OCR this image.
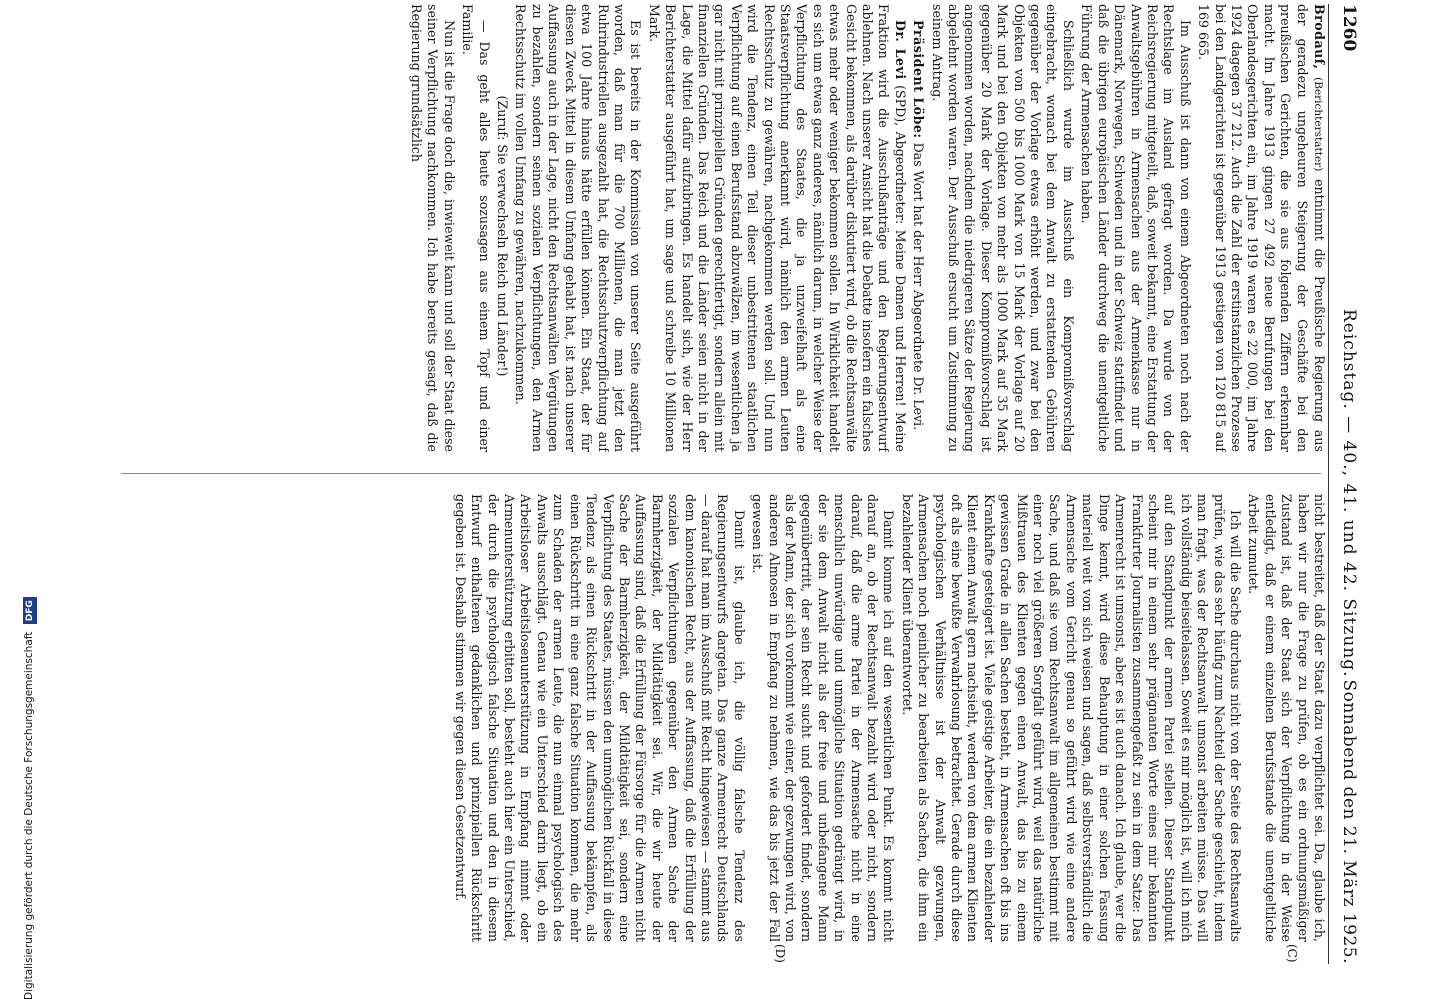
1260
Reichstag. — 40., 41. und 42. Sitzung.
Sonnabend den 21. März 1925.
(C)
(D)

Brodauf, (Berichterstatter) entnimmt die Preußische Regierung aus der geradezu ungeheuren Steigerung der Geschäfte bei den preußischen Gerichten, die sie aus folgenden Ziffern erkennbar macht. Im Jahre 1913 gingen 27 492 neue Berufungen bei den Oberlandesgerichten ein, im Jahre 1919 waren es 22 000, im Jahre 1924 dagegen 37 212. Auch die Zahl der erstinstanzlichen Prozesse bei den Landgerichten ist gegenüber 1913 gestiegen von 120 815 auf 169 665.

Im Ausschuß ist dann von einem Abgeordneten noch nach der Rechtslage im Ausland gefragt worden. Da wurde von der Reichsregierung mitgeteilt, daß, soweit bekannt, eine Erstattung der Anwaltsgebühren in Armensachen aus der Armenkasse nur in Dänemark, Norwegen, Schweden und in der Schweiz stattfindet und daß die übrigen europäischen Länder durchweg die unentgeltliche Führung der Armensachen haben.

Schließlich wurde im Ausschuß ein Kompromißvorschlag eingebracht, wonach bei dem Anwalt zu erstattenden Gebühren gegenüber der Vorlage etwas erhöht werden, und zwar bei den Objekten von 500 bis 1000 Mark von 15 Mark der Vorlage auf 20 Mark und bei den Objekten von mehr als 1000 Mark auf 35 Mark gegenüber 20 Mark der Vorlage. Dieser Kompromißvorschlag ist angenommen worden, nachdem die niedrigeren Sätze der Regierung abgelehnt worden waren. Der Ausschuß ersucht um Zustimmung zu seinem Antrag.

Präsident Löbe: Das Wort hat der Herr Abgeordnete Dr. Levi.

Dr. Levi (SPD), Abgeordneter: Meine Damen und Herren! Meine Fraktion wird die Ausschußanträge und den Regierungsentwurf ablehnen. Nach unserer Ansicht hat die Debatte insofern ein falsches Gesicht bekommen, als darüber diskutiert wird, ob die Rechtsanwälte etwas mehr oder weniger bekommen sollen. In Wirklichkeit handelt es sich um etwas ganz anderes, nämlich darum, in welcher Weise der Verpflichtung des Staates, die ja unzweifelhaft als eine Staatsverpflichtung anerkannt wird, nämlich den armen Leuten Rechtsschutz zu gewähren, nachgekommen werden soll. Und nun wird die Tendenz, einen Teil dieser unbestrittenen staatlichen Verpflichtung auf einen Berufsstand abzuwälzen, im wesentlichen ja gar nicht mit prinzipiellen Gründen gerechtfertigt, sondern allein mit finanziellen Gründen. Das Reich und die Länder seien nicht in der Lage, die Mittel dafür aufzubringen. Es handelt sich, wie der Herr Berichterstatter ausgeführt hat, um sage und schreibe 10 Millionen Mark.

Es ist bereits in der Kommission von unserer Seite ausgeführt worden, daß man für die 700 Millionen, die man jetzt den Ruhrindustriellen ausgezahlt hat, die Rechtsschutzverpflichtung auf etwa 100 Jahre hinaus hätte erfüllen können. Ein Staat, der für diesen Zweck Mittel in diesem Umfang gehabt hat, ist nach unserer Auffassung auch in der Lage, nicht den Rechtsanwälten Vergütungen zu bezahlen, sondern seinen sozialen Verpflichtungen, den Armen Rechtsschutz im vollen Umfang zu gewähren, nachzukommen.

(Zuruf: Sie verwechseln Reich und Länder!)

— Das geht alles heute sozusagen aus einem Topf und einer Familie.

Nun ist die Frage doch die, inwieweit kann und soll der Staat diese seiner Verpflichtung nachkommen. Ich habe bereits gesagt, daß die Regierung grundsätzlich

nicht bestreitet, daß der Staat dazu verpflichtet sei. Da, glaube ich, haben wir nur die Frage zu prüfen, ob es ein ordnungsmäßiger Zustand ist, daß der Staat sich der Verpflichtung in der Weise entledigt, daß er einem einzelnen Berufsstande die unentgeltliche Arbeit zumutet.

Ich will die Sache durchaus nicht von der Seite des Rechtsanwalts prüfen, wie das sehr häufig zum Nachteil der Sache geschieht, indem man fragt, was der Rechtsanwalt umsonst arbeiten müsse. Das will ich vollständig beiseitelassen. Soweit es mir möglich ist, will ich mich auf den Standpunkt der armen Partei stellen. Dieser Standpunkt scheint mir in einem sehr prägnanten Worte eines mir bekannten Frankfurter Journalisten zusammengefaßt zu sein in dem Satze: Das Armenrecht ist umsonst, aber es ist auch danach. Ich glaube, wer die Dinge kennt, wird diese Behauptung in einer solchen Fassung materiell weit von sich weisen und sagen, daß selbstverständlich die Armensache vom Gericht genau so geführt wird wie eine andere Sache, und daß sie vom Rechtsanwalt im allgemeinen bestimmt mit einer noch viel größeren Sorgfalt geführt wird, weil das natürliche Mißtrauen des Klienten gegen einen Anwalt, das bis zu einem gewissen Grade in allen Sachen besteht, in Armensachen oft bis ins Krankhafte gesteigert ist. Viele geistige Arbeiter, die ein bezahlender Klient einem Anwalt gern nachsieht, werden von dem armen Klienten oft als eine bewußte Verwahrlosung betrachtet. Gerade durch diese psychologischen Verhältnisse ist der Anwalt gezwungen, Armensachen noch peinlicher zu bearbeiten als Sachen, die ihm ein bezahlender Klient überantwortet.

Damit komme ich auf den wesentlichen Punkt. Es kommt nicht darauf an, ob der Rechtsanwalt bezahlt wird oder nicht, sondern darauf, daß die arme Partei in der Armensache nicht in eine menschlich unwürdige und unmögliche Situation gedrängt wird, in der sie dem Anwalt nicht als der freie und unbefangene Mann gegenübertritt, der sein Recht sucht und gefordert findet, sondern als der Mann, der sich vorkommt wie einer, der gezwungen wird, von anderen Almosen in Empfang zu nehmen, wie das bis jetzt der Fall gewesen ist.

Damit ist, glaube ich, die völlig falsche Tendenz des Regierungsentwurfs dargetan. Das ganze Armenrecht Deutschlands — darauf hat man im Ausschuß mit Recht hingewiesen — stammt aus dem kanonischen Recht, aus der Auffassung, daß die Erfüllung der sozialen Verpflichtungen gegenüber den Armen Sache der Barmherzigkeit, der Mildtätigkeit sei. Wir, die wir heute der Auffassung sind, daß die Erfüllung der Fürsorge für die Armen nicht Sache der Barmherzigkeit, der Mildtätigkeit sei, sondern eine Verpflichtung des Staates, müssen den unmöglichen Rückfall in diese Tendenz als einen Rückschritt in der Auffassung bekämpfen, als einen Rückschritt in eine ganz falsche Situation kommen, die mehr zum Schaden der armen Leute, die nun einmal psychologisch des Anwalts ausschlägt. Genau wie ein Unterschied darin liegt, ob ein Arbeitsloser Arbeitslosenunterstützung in Empfang nimmt oder Armenunterstützung erbitten soll, besteht auch hier ein Unterschied, der durch die psychologisch falsche Situation und den in diesem Entwurf enthaltenen gedanklichen und prinzipiellen Rückschritt gegeben ist. Deshalb stimmen wir gegen diesen Gesetzentwurf.

Digitalisierung gefördert durch die Deutsche Forschungsgemeinschaft DFG
